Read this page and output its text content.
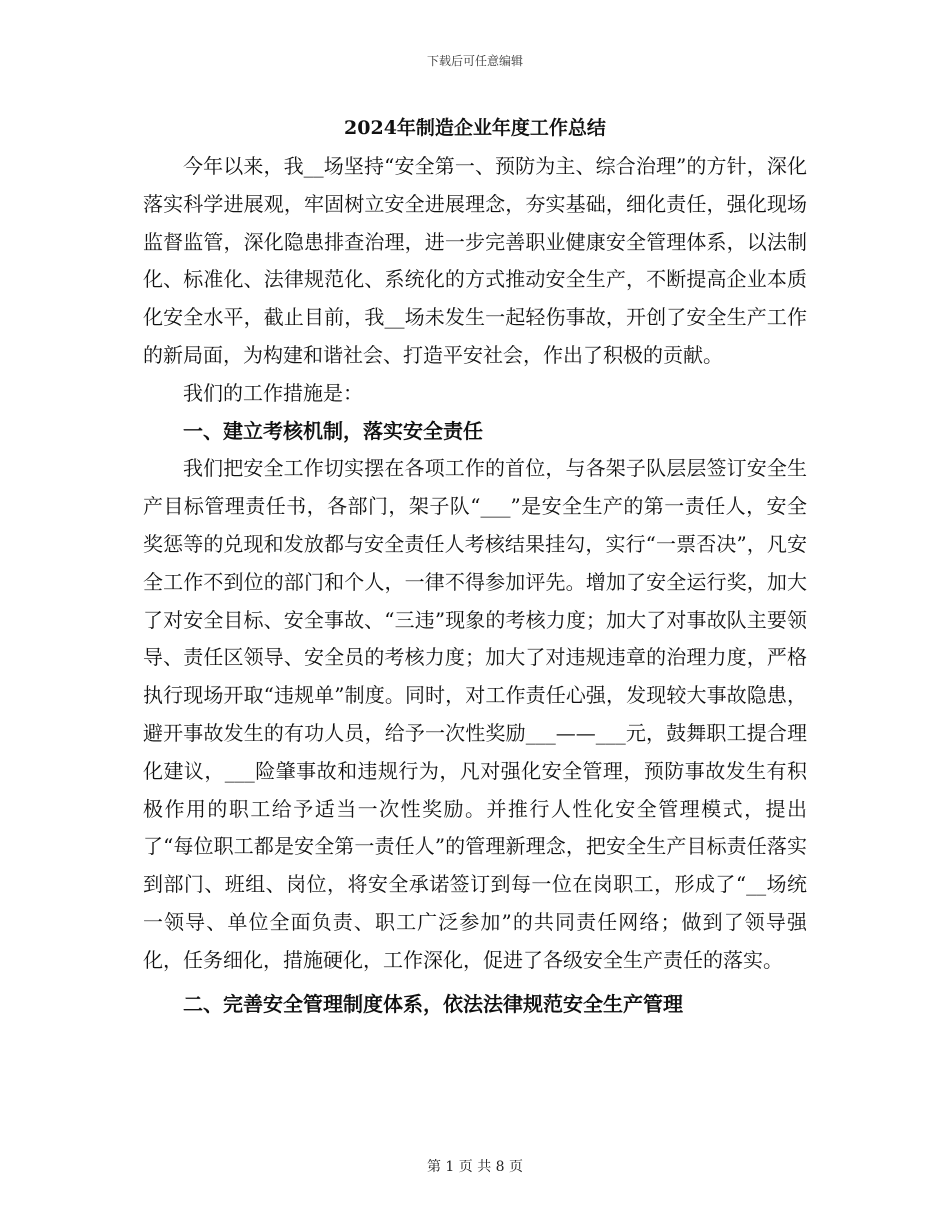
下载后可任意编辑
2024年制造企业年度工作总结

今年以来，我__场坚持“安全第一、预防为主、综合治理”的方针，深化落实科学进展观，牢固树立安全进展理念，夯实基础，细化责任，强化现场监督监管，深化隐患排查治理，进一步完善职业健康安全管理体系，以法制化、标准化、法律规范化、系统化的方式推动安全生产，不断提高企业本质化安全水平，截止目前，我__场未发生一起轻伤事故，开创了安全生产工作的新局面，为构建和谐社会、打造平安社会，作出了积极的贡献。

我们的工作措施是：

一、建立考核机制，落实安全责任

我们把安全工作切实摆在各项工作的首位，与各架子队层层签订安全生产目标管理责任书，各部门，架子队“___”是安全生产的第一责任人，安全奖惩等的兑现和发放都与安全责任人考核结果挂勾，实行“一票否决”，凡安全工作不到位的部门和个人，一律不得参加评先。增加了安全运行奖，加大了对安全目标、安全事故、“三违”现象的考核力度；加大了对事故队主要领导、责任区领导、安全员的考核力度；加大了对违规违章的治理力度，严格执行现场开取“违规单”制度。同时，对工作责任心强，发现较大事故隐患，避开事故发生的有功人员，给予一次性奖励___——___元，鼓舞职工提合理化建议，___险肇事故和违规行为，凡对强化安全管理，预防事故发生有积极作用的职工给予适当一次性奖励。并推行人性化安全管理模式，提出了“每位职工都是安全第一责任人”的管理新理念，把安全生产目标责任落实到部门、班组、岗位，将安全承诺签订到每一位在岗职工，形成了“__场统一领导、单位全面负责、职工广泛参加”的共同责任网络；做到了领导强化，任务细化，措施硬化，工作深化，促进了各级安全生产责任的落实。

二、完善安全管理制度体系，依法法律规范安全生产管理
第 1 页 共 8 页
